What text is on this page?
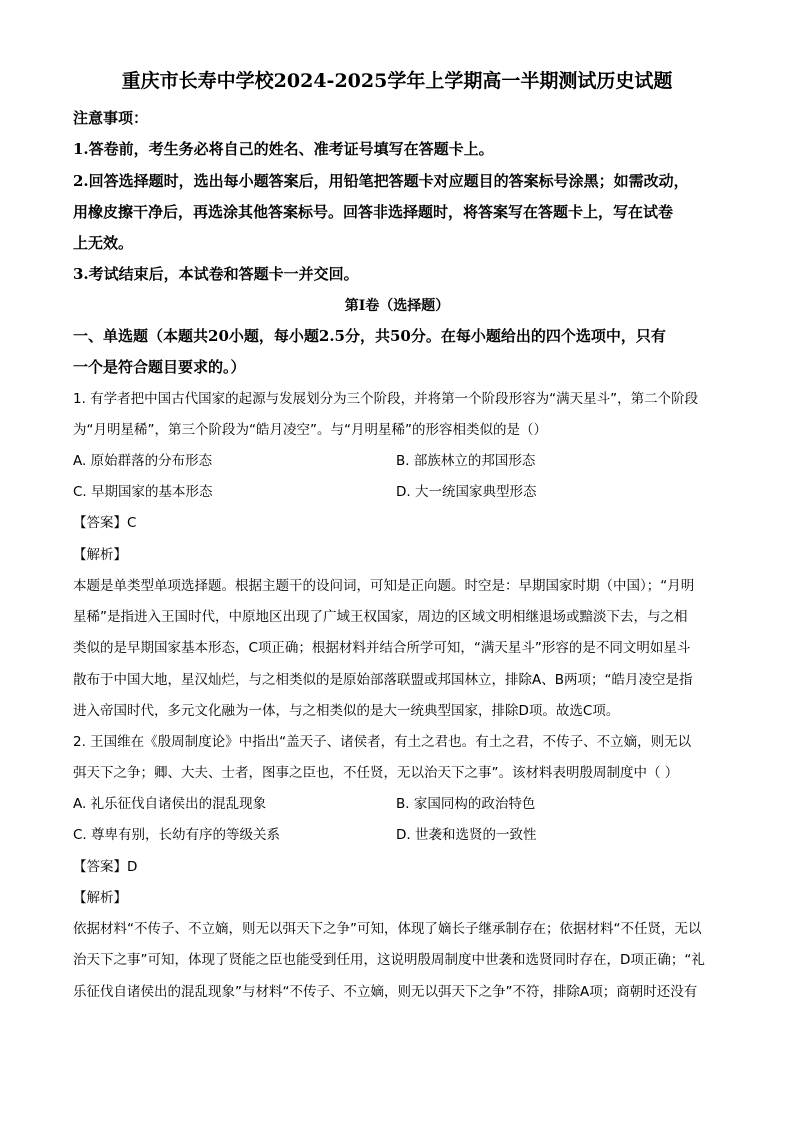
重庆市长寿中学校2024-2025学年上学期高一半期测试历史试题
注意事项：
1.答卷前，考生务必将自己的姓名、准考证号填写在答题卡上。
2.回答选择题时，选出每小题答案后，用铅笔把答题卡对应题目的答案标号涂黑；如需改动，
用橡皮擦干净后，再选涂其他答案标号。回答非选择题时，将答案写在答题卡上，写在试卷
上无效。
3.考试结束后，本试卷和答题卡一并交回。
第Ⅰ卷（选择题）
一、单选题（本题共20小题，每小题2.5分，共50分。在每小题给出的四个选项中，只有
一个是符合题目要求的。）
1. 有学者把中国古代国家的起源与发展划分为三个阶段，并将第一个阶段形容为“满天星斗”，第二个阶段
为“月明星稀”，第三个阶段为“皓月凌空”。与“月明星稀”的形容相类似的是（）
A. 原始群落的分布形态	B. 部族林立的邦国形态
C. 早期国家的基本形态	D. 大一统国家典型形态
【答案】C
【解析】
本题是单类型单项选择题。根据主题干的设问词，可知是正向题。时空是：早期国家时期（中国）；“月明
星稀”是指进入王国时代，中原地区出现了广域王权国家，周边的区域文明相继退场或黯淡下去，与之相
类似的是早期国家基本形态，C项正确；根据材料并结合所学可知，“满天星斗”形容的是不同文明如星斗
散布于中国大地，星汉灿烂，与之相类似的是原始部落联盟或邦国林立，排除A、B两项；“皓月凌空是指
进入帝国时代，多元文化融为一体，与之相类似的是大一统典型国家，排除D项。故选C项。
2. 王国维在《殷周制度论》中指出“盖天子、诸侯者，有土之君也。有土之君，不传子、不立嫡，则无以
弭天下之争；卿、大夫、士者，图事之臣也，不任贤，无以治天下之事”。该材料表明殷周制度中（ ）
A. 礼乐征伐自诸侯出的混乱现象	B. 家国同构的政治特色
C. 尊卑有别，长幼有序的等级关系	D. 世袭和选贤的一致性
【答案】D
【解析】
依据材料“不传子、不立嫡，则无以弭天下之争”可知，体现了嫡长子继承制存在；依据材料“不任贤，无以
治天下之事”可知，体现了贤能之臣也能受到任用，这说明殷周制度中世袭和选贤同时存在，D项正确；“礼
乐征伐自诸侯出的混乱现象”与材料“不传子、不立嫡，则无以弭天下之争”不符，排除A项；商朝时还没有
